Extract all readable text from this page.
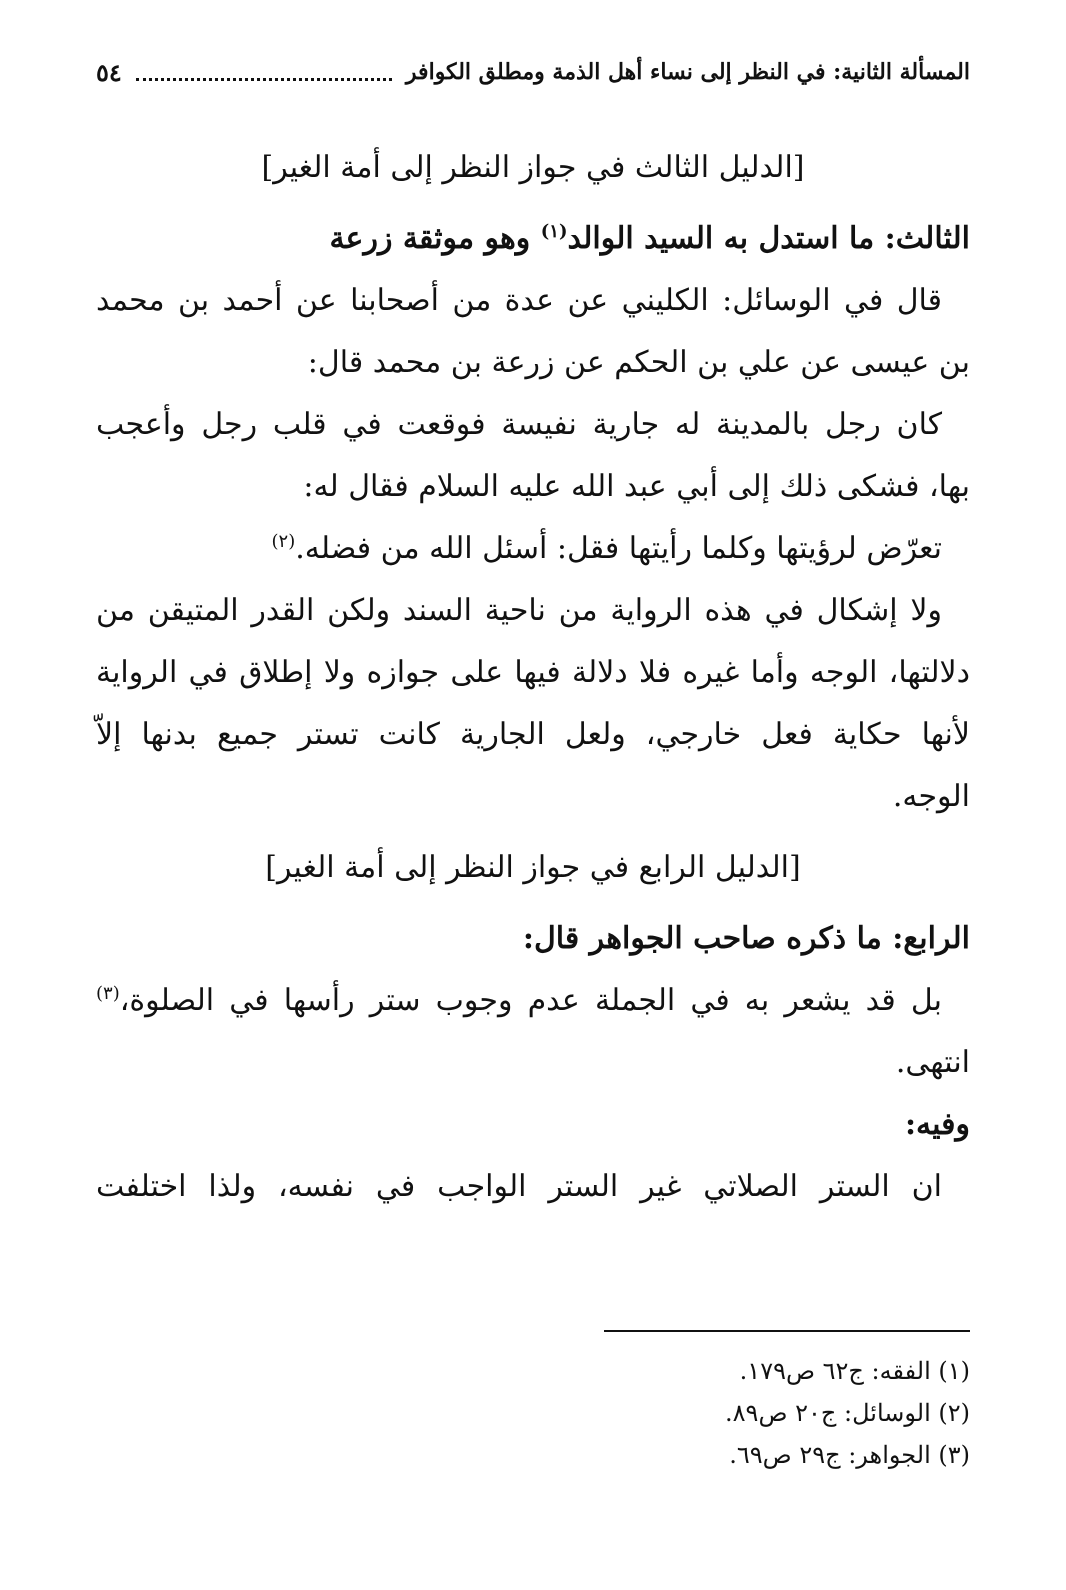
المسألة الثانية: في النظر إلى نساء أهل الذمة ومطلق الكوافر
٥٤
[الدليل الثالث في جواز النظر إلى أمة الغير]
الثالث: ما استدل به السيد الوالد$^{(١)}$ وهو موثقة زرعة

قال في الوسائل: الكليني عن عدة من أصحابنا عن أحمد بن محمد

بن عيسى عن علي بن الحكم عن زرعة بن محمد قال:

كان رجل بالمدينة له جارية نفيسة فوقعت في قلب رجل وأعجب

بها، فشكى ذلك إلى أبي عبد الله عليه السلام فقال له:

تعرّض لرؤيتها وكلما رأيتها فقل: أسئل الله من فضله.$^{(٢)}$

ولا إشكال في هذه الرواية من ناحية السند ولكن القدر المتيقن من

دلالتها، الوجه وأما غيره فلا دلالة فيها على جوازه ولا إطلاق في الرواية

لأنها حكاية فعل خارجي، ولعل الجارية كانت تستر جميع بدنها إلاّ

الوجه.

[الدليل الرابع في جواز النظر إلى أمة الغير]
الرابع: ما ذكره صاحب الجواهر قال:

بل قد يشعر به في الجملة عدم وجوب ستر رأسها في الصلوة،$^{(٣)}$

انتهى.

وفيه:

ان الستر الصلاتي غير الستر الواجب في نفسه، ولذا اختلفت

(١) الفقه: ج٦٢ ص١٧٩.
(٢) الوسائل: ج٢٠ ص٨٩.
(٣) الجواهر: ج٢٩ ص٦٩.
